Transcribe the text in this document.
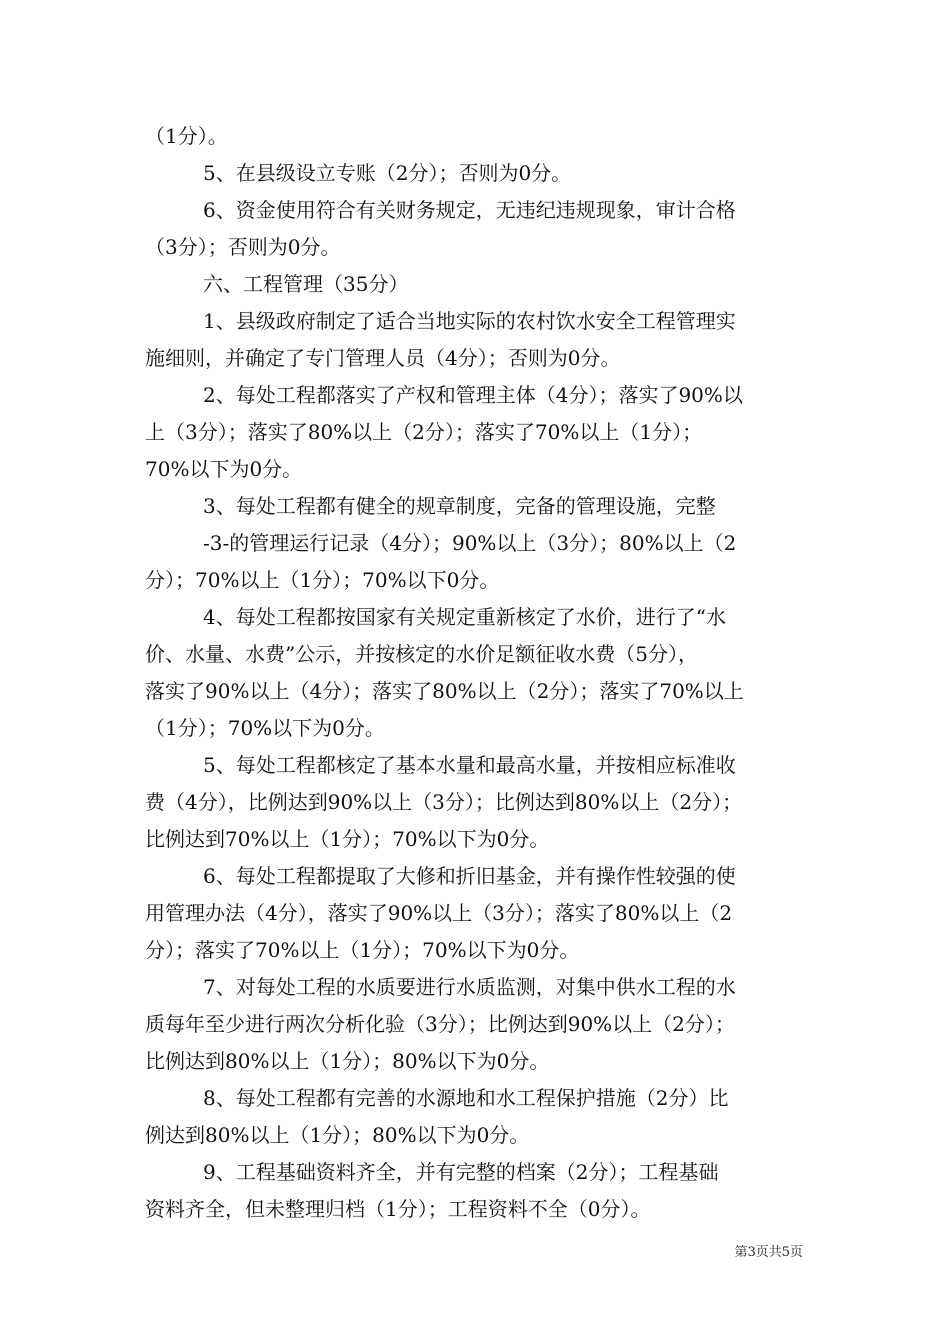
（1分）。
5、在县级设立专账（2分）；否则为0分。
6、资金使用符合有关财务规定，无违纪违规现象，审计合格
（3分）；否则为0分。
六、工程管理（35分）
1、县级政府制定了适合当地实际的农村饮水安全工程管理实
施细则，并确定了专门管理人员（4分）；否则为0分。
2、每处工程都落实了产权和管理主体（4分）；落实了90%以
上（3分）；落实了80%以上（2分）；落实了70%以上（1分）；
70%以下为0分。
3、每处工程都有健全的规章制度，完备的管理设施，完整
-3-的管理运行记录（4分）；90%以上（3分）；80%以上（2
分）；70%以上（1分）；70%以下0分。
4、每处工程都按国家有关规定重新核定了水价，进行了“水
价、水量、水费”公示，并按核定的水价足额征收水费（5分），
落实了90%以上（4分）；落实了80%以上（2分）；落实了70%以上
（1分）；70%以下为0分。
5、每处工程都核定了基本水量和最高水量，并按相应标准收
费（4分），比例达到90%以上（3分）；比例达到80%以上（2分）；
比例达到70%以上（1分）；70%以下为0分。
6、每处工程都提取了大修和折旧基金，并有操作性较强的使
用管理办法（4分），落实了90%以上（3分）；落实了80%以上（2
分）；落实了70%以上（1分）；70%以下为0分。
7、对每处工程的水质要进行水质监测，对集中供水工程的水
质每年至少进行两次分析化验（3分）；比例达到90%以上（2分）；
比例达到80%以上（1分）；80%以下为0分。
8、每处工程都有完善的水源地和水工程保护措施（2分）比
例达到80%以上（1分）；80%以下为0分。
9、工程基础资料齐全，并有完整的档案（2分）；工程基础
资料齐全，但未整理归档（1分）；工程资料不全（0分）。
第3页共5页
